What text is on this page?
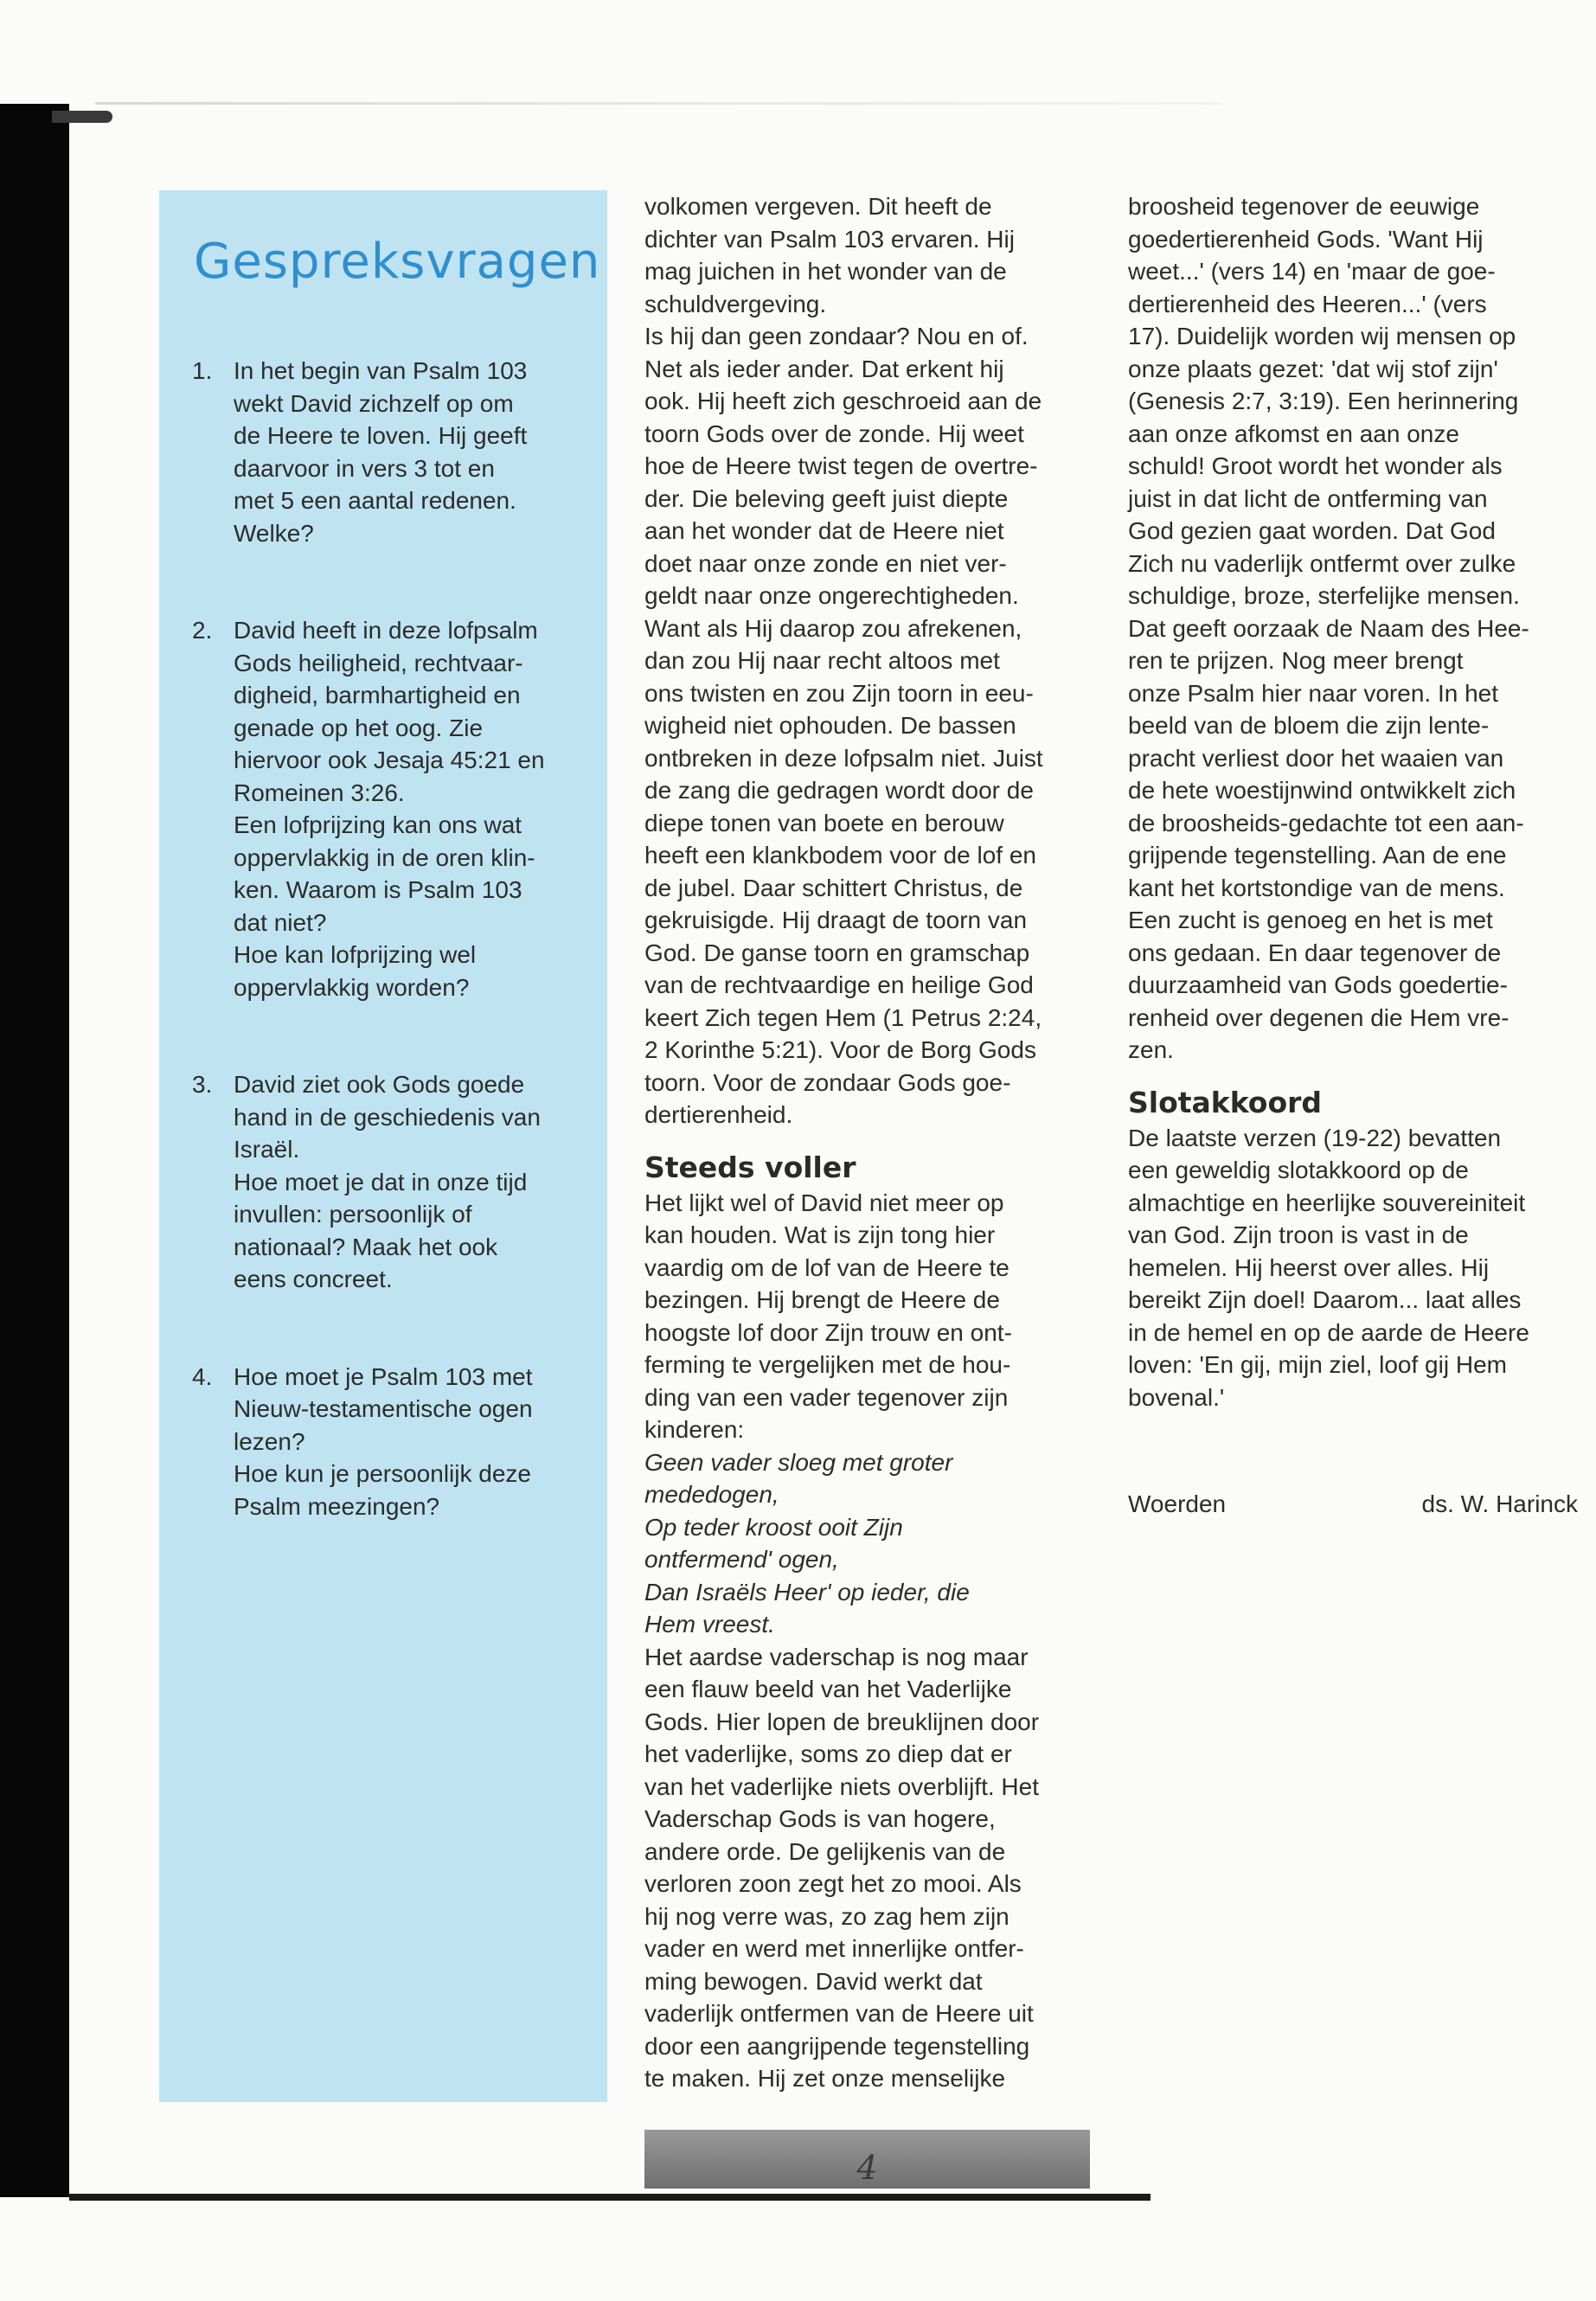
Gespreksvragen
1. In het begin van Psalm 103
wekt David zichzelf op om
de Heere te loven. Hij geeft
daarvoor in vers 3 tot en
met 5 een aantal redenen.
Welke?
2. David heeft in deze lofpsalm
Gods heiligheid, rechtvaar-
digheid, barmhartigheid en
genade op het oog. Zie
hiervoor ook Jesaja 45:21 en
Romeinen 3:26.
Een lofprijzing kan ons wat
oppervlakkig in de oren klin-
ken. Waarom is Psalm 103
dat niet?
Hoe kan lofprijzing wel
oppervlakkig worden?
3. David ziet ook Gods goede
hand in de geschiedenis van
Israël.
Hoe moet je dat in onze tijd
invullen: persoonlijk of
nationaal? Maak het ook
eens concreet.
4. Hoe moet je Psalm 103 met
Nieuw-testamentische ogen
lezen?
Hoe kun je persoonlijk deze
Psalm meezingen?

volkomen vergeven. Dit heeft de
dichter van Psalm 103 ervaren. Hij
mag juichen in het wonder van de
schuldvergeving.
Is hij dan geen zondaar? Nou en of.
Net als ieder ander. Dat erkent hij
ook. Hij heeft zich geschroeid aan de
toorn Gods over de zonde. Hij weet
hoe de Heere twist tegen de overtre-
der. Die beleving geeft juist diepte
aan het wonder dat de Heere niet
doet naar onze zonde en niet ver-
geldt naar onze ongerechtigheden.
Want als Hij daarop zou afrekenen,
dan zou Hij naar recht altoos met
ons twisten en zou Zijn toorn in eeu-
wigheid niet ophouden. De bassen
ontbreken in deze lofpsalm niet. Juist
de zang die gedragen wordt door de
diepe tonen van boete en berouw
heeft een klankbodem voor de lof en
de jubel. Daar schittert Christus, de
gekruisigde. Hij draagt de toorn van
God. De ganse toorn en gramschap
van de rechtvaardige en heilige God
keert Zich tegen Hem (1 Petrus 2:24,
2 Korinthe 5:21). Voor de Borg Gods
toorn. Voor de zondaar Gods goe-
dertierenheid.

Steeds voller

Het lijkt wel of David niet meer op
kan houden. Wat is zijn tong hier
vaardig om de lof van de Heere te
bezingen. Hij brengt de Heere de
hoogste lof door Zijn trouw en ont-
ferming te vergelijken met de hou-
ding van een vader tegenover zijn
kinderen:

Geen vader sloeg met groter
mededogen,
Op teder kroost ooit Zijn
ontfermend' ogen,
Dan Israëls Heer' op ieder, die
Hem vreest.

Het aardse vaderschap is nog maar
een flauw beeld van het Vaderlijke
Gods. Hier lopen de breuklijnen door
het vaderlijke, soms zo diep dat er
van het vaderlijke niets overblijft. Het
Vaderschap Gods is van hogere,
andere orde. De gelijkenis van de
verloren zoon zegt het zo mooi. Als
hij nog verre was, zo zag hem zijn
vader en werd met innerlijke ontfer-
ming bewogen. David werkt dat
vaderlijk ontfermen van de Heere uit
door een aangrijpende tegenstelling
te maken. Hij zet onze menselijke

broosheid tegenover de eeuwige
goedertierenheid Gods. 'Want Hij
weet...' (vers 14) en 'maar de goe-
dertierenheid des Heeren...' (vers
17). Duidelijk worden wij mensen op
onze plaats gezet: 'dat wij stof zijn'
(Genesis 2:7, 3:19). Een herinnering
aan onze afkomst en aan onze
schuld! Groot wordt het wonder als
juist in dat licht de ontferming van
God gezien gaat worden. Dat God
Zich nu vaderlijk ontfermt over zulke
schuldige, broze, sterfelijke mensen.
Dat geeft oorzaak de Naam des Hee-
ren te prijzen. Nog meer brengt
onze Psalm hier naar voren. In het
beeld van de bloem die zijn lente-
pracht verliest door het waaien van
de hete woestijnwind ontwikkelt zich
de broosheids-gedachte tot een aan-
grijpende tegenstelling. Aan de ene
kant het kortstondige van de mens.
Een zucht is genoeg en het is met
ons gedaan. En daar tegenover de
duurzaamheid van Gods goedertie-
renheid over degenen die Hem vre-
zen.

Slotakkoord

De laatste verzen (19-22) bevatten
een geweldig slotakkoord op de
almachtige en heerlijke souvereiniteit
van God. Zijn troon is vast in de
hemelen. Hij heerst over alles. Hij
bereikt Zijn doel! Daarom... laat alles
in de hemel en op de aarde de Heere
loven: 'En gij, mijn ziel, loof gij Hem
bovenal.'

Woerden	ds. W. Harinck
4
